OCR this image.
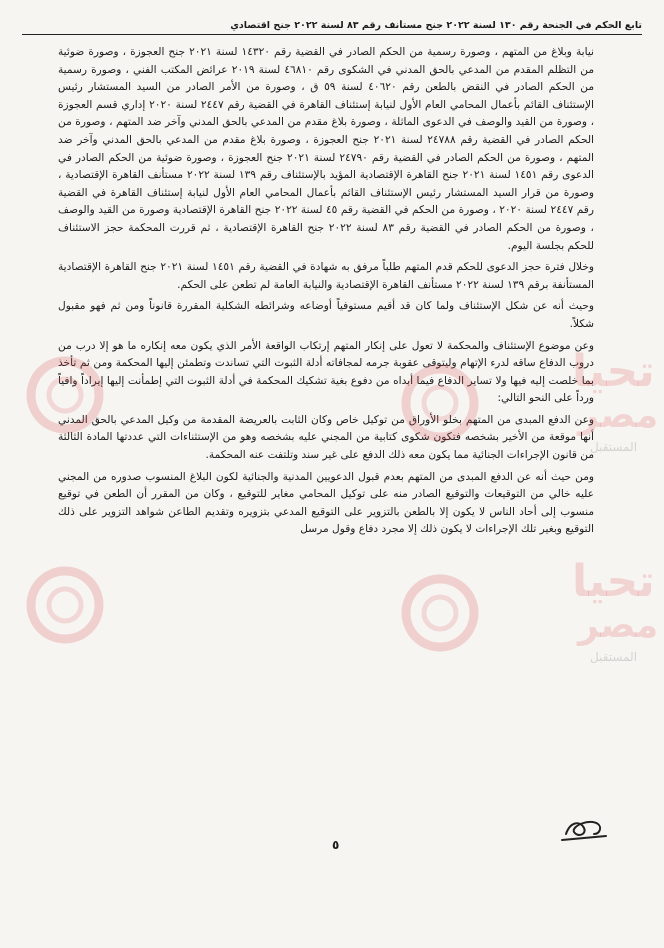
تابع الحكم في الجنحة رقم ١٣٠ لسنة ٢٠٢٢ جنح مستأنف رقم ٨٣ لسنة ٢٠٢٢ جنح اقتصادي

نيابة وبلاغ من المتهم ، وصورة رسمية من الحكم الصادر في القضية رقم ١٤٣٢٠ لسنة ٢٠٢١ جنح العجوزة ، وصورة ضوئية من التظلم المقدم من المدعي بالحق المدني في الشكوى رقم ٤٦٨١٠ لسنة ٢٠١٩ عرائض المكتب الفني ، وصورة رسمية من الحكم الصادر في النقض بالطعن رقم ٤٠٦٢٠ لسنة ٥٩ ق ، وصورة من الأمر الصادر من السيد المستشار رئيس الإستئناف القائم بأعمال المحامي العام الأول لنيابة إستئناف القاهرة في القضية رقم ٢٤٤٧ لسنة ٢٠٢٠ إداري قسم العجوزة ، وصورة من القيد والوصف في الدعوى الماثلة ، وصورة بلاغ مقدم من المدعي بالحق المدني وآخر ضد المتهم ، وصورة من الحكم الصادر في القضية رقم ٢٤٧٨٨ لسنة ٢٠٢١ جنح العجوزة ، وصورة بلاغ مقدم من المدعي بالحق المدني وآخر ضد المتهم ، وصورة من الحكم الصادر في القضية رقم ٢٤٧٩٠ لسنة ٢٠٢١ جنح العجوزة ، وصورة ضوئية من الحكم الصادر في الدعوى رقم ١٤٥١ لسنة ٢٠٢١ جنح القاهرة الإقتصادية المؤيد بالإستئناف رقم ١٣٩ لسنة ٢٠٢٢ مستأنف القاهرة الإقتصادية ، وصورة من قرار السيد المستشار رئيس الإستئناف القائم بأعمال المحامي العام الأول لنيابة إستئناف القاهرة في القضية رقم ٢٤٤٧ لسنة ٢٠٢٠ ، وصورة من الحكم في القضية رقم ٤٥ لسنة ٢٠٢٢ جنح القاهرة الإقتصادية وصورة من القيد والوصف ، وصورة من الحكم الصادر في القضية رقم ٨٣ لسنة ٢٠٢٢ جنح القاهرة الإقتصادية ، ثم قررت المحكمة حجز الاستئناف للحكم بجلسة اليوم.

وخلال فترة حجز الدعوى للحكم قدم المتهم طلباً مرفق به شهادة في القضية رقم ١٤٥١ لسنة ٢٠٢١ جنح القاهرة الإقتصادية المستأنفة برقم ١٣٩ لسنة ٢٠٢٢ مستأنف القاهرة الإقتصادية والنيابة العامة لم تطعن على الحكم.

وحيث أنه عن شكل الإستئناف ولما كان قد أقيم مستوفياً أوضاعه وشرائطه الشكلية المقررة قانوناً ومن ثم فهو مقبول شكلاً.

وعن موضوع الإستئناف والمحكمة لا تعول على إنكار المتهم إرتكاب الواقعة الأمر الذي يكون معه إنكاره ما هو إلا درب من دروب الدفاع ساقه لدرء الإتهام وليتوقى عقوبة جرمه لمجافاته أدلة الثبوت التي تساندت وتطمئن إليها المحكمة ومن ثم تأخذ بما خلصت إليه فيها ولا تساير الدفاع فيما أبداه من دفوع بغية تشكيك المحكمة في أدلة الثبوت التي إطمأنت إليها إيراداً وافياً ورداً على النحو التالي:

وعن الدفع المبدى من المتهم بخلو الأوراق من توكيل خاص وكان الثابت بالعريضة المقدمة من وكيل المدعي بالحق المدني أنها موقعة من الأخير بشخصه فتكون شكوى كتابية من المجني عليه بشخصه وهو من الإستثناءات التي عددتها المادة الثالثة من قانون الإجراءات الجنائية مما يكون معه ذلك الدفع على غير سند وتلتفت عنه المحكمة.

ومن حيث أنه عن الدفع المبدى من المتهم بعدم قبول الدعويين المدنية والجنائية لكون البلاغ المنسوب صدوره من المجني عليه خالي من التوقيعات والتوقيع الصادر منه على توكيل المحامي مغاير للتوقيع ، وكان من المقرر أن الطعن في توقيع منسوب إلى أحاد الناس لا يكون إلا بالطعن بالتزوير على التوقيع المدعي بتزويره وتقديم الطاعن شواهد التزوير على ذلك التوقيع وبغير تلك الإجراءات لا يكون ذلك إلا مجرد دفاع وقول مرسل

تحيا
مصر
المستقبل
تحيا
مصر
المستقبل
٥
